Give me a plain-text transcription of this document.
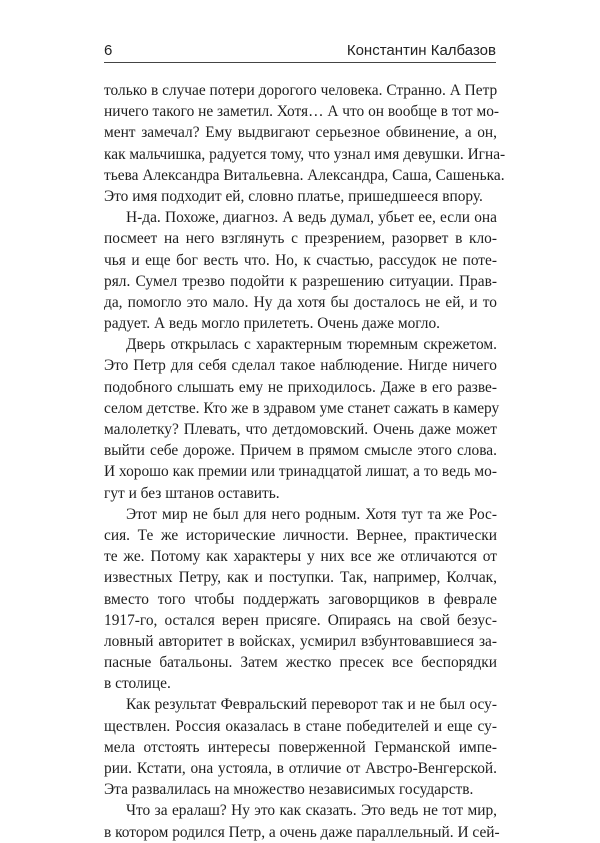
6	Константин Калбазов
только в случае потери дорогого человека. Странно. А Петр
ничего такого не заметил. Хотя… А что он вообще в тот мо-
мент замечал? Ему выдвигают серьезное обвинение, а он,
как мальчишка, радуется тому, что узнал имя девушки. Игна-
тьева Александра Витальевна. Александра, Саша, Сашенька.
Это имя подходит ей, словно платье, пришедшееся впору.
Н-да. Похоже, диагноз. А ведь думал, убьет ее, если она
посмеет на него взглянуть с презрением, разорвет в кло-
чья и еще бог весть что. Но, к счастью, рассудок не поте-
рял. Сумел трезво подойти к разрешению ситуации. Прав-
да, помогло это мало. Ну да хотя бы досталось не ей, и то
радует. А ведь могло прилететь. Очень даже могло.
Дверь открылась с характерным тюремным скрежетом.
Это Петр для себя сделал такое наблюдение. Нигде ничего
подобного слышать ему не приходилось. Даже в его разве-
селом детстве. Кто же в здравом уме станет сажать в камеру
малолетку? Плевать, что детдомовский. Очень даже может
выйти себе дороже. Причем в прямом смысле этого слова.
И хорошо как премии или тринадцатой лишат, а то ведь мо-
гут и без штанов оставить.
Этот мир не был для него родным. Хотя тут та же Рос-
сия. Те же исторические личности. Вернее, практически
те же. Потому как характеры у них все же отличаются от
известных Петру, как и поступки. Так, например, Колчак,
вместо того чтобы поддержать заговорщиков в феврале
1917-го, остался верен присяге. Опираясь на свой безус-
ловный авторитет в войсках, усмирил взбунтовавшиеся за-
пасные батальоны. Затем жестко пресек все беспорядки
в столице.
Как результат Февральский переворот так и не был осу-
ществлен. Россия оказалась в стане победителей и еще су-
мела отстоять интересы поверженной Германской импе-
рии. Кстати, она устояла, в отличие от Австро-Венгерской.
Эта развалилась на множество независимых государств.
Что за ералаш? Ну это как сказать. Это ведь не тот мир,
в котором родился Петр, а очень даже параллельный. И сей-
